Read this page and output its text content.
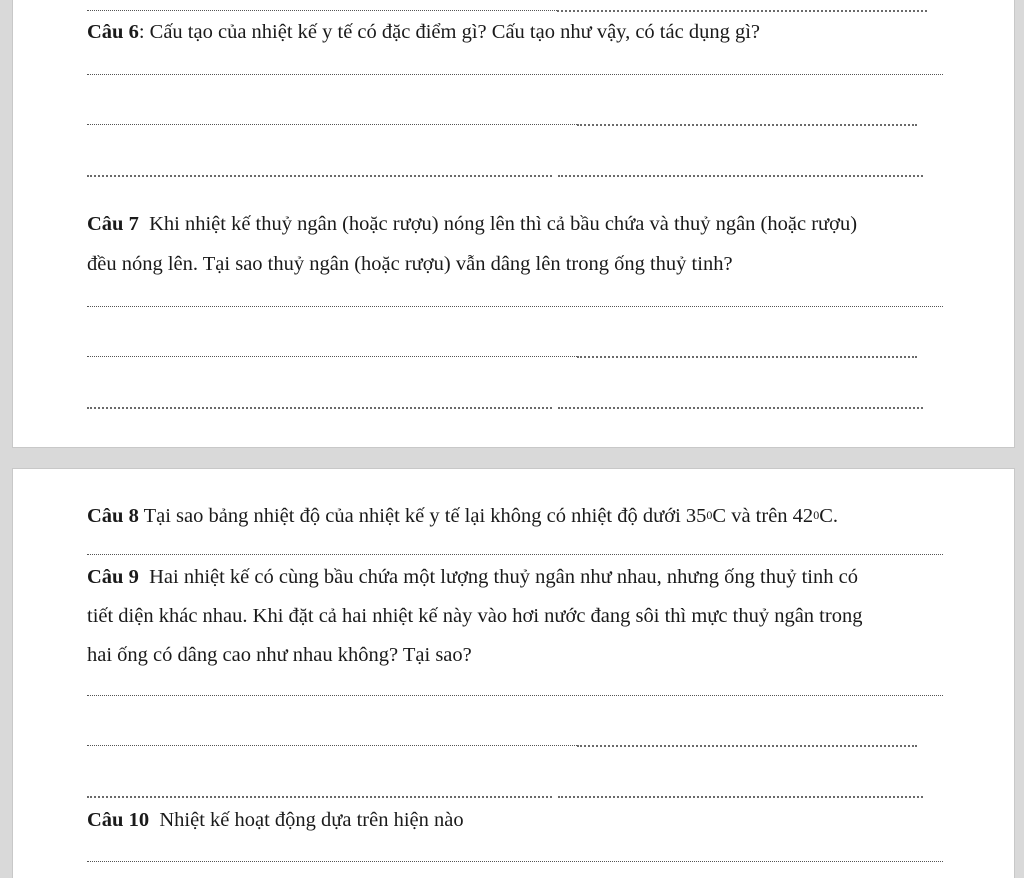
Câu 6: Cấu tạo của nhiệt kế y tế có đặc điểm gì? Cấu tạo như vậy, có tác dụng gì?
Câu 7 Khi nhiệt kế thuỷ ngân (hoặc rượu) nóng lên thì cả bầu chứa và thuỷ ngân (hoặc rượu)
đều nóng lên. Tại sao thuỷ ngân (hoặc rượu) vẫn dâng lên trong ống thuỷ tinh?
Câu 8 Tại sao bảng nhiệt độ của nhiệt kế y tế lại không có nhiệt độ dưới $35^0C$ và trên $42^0C$.
Câu 9 Hai nhiệt kế có cùng bầu chứa một lượng thuỷ ngân như nhau, nhưng ống thuỷ tinh có
tiết diện khác nhau. Khi đặt cả hai nhiệt kế này vào hơi nước đang sôi thì mực thuỷ ngân trong
hai ống có dâng cao như nhau không? Tại sao?
Câu 10 Nhiệt kế hoạt động dựa trên hiện nào
